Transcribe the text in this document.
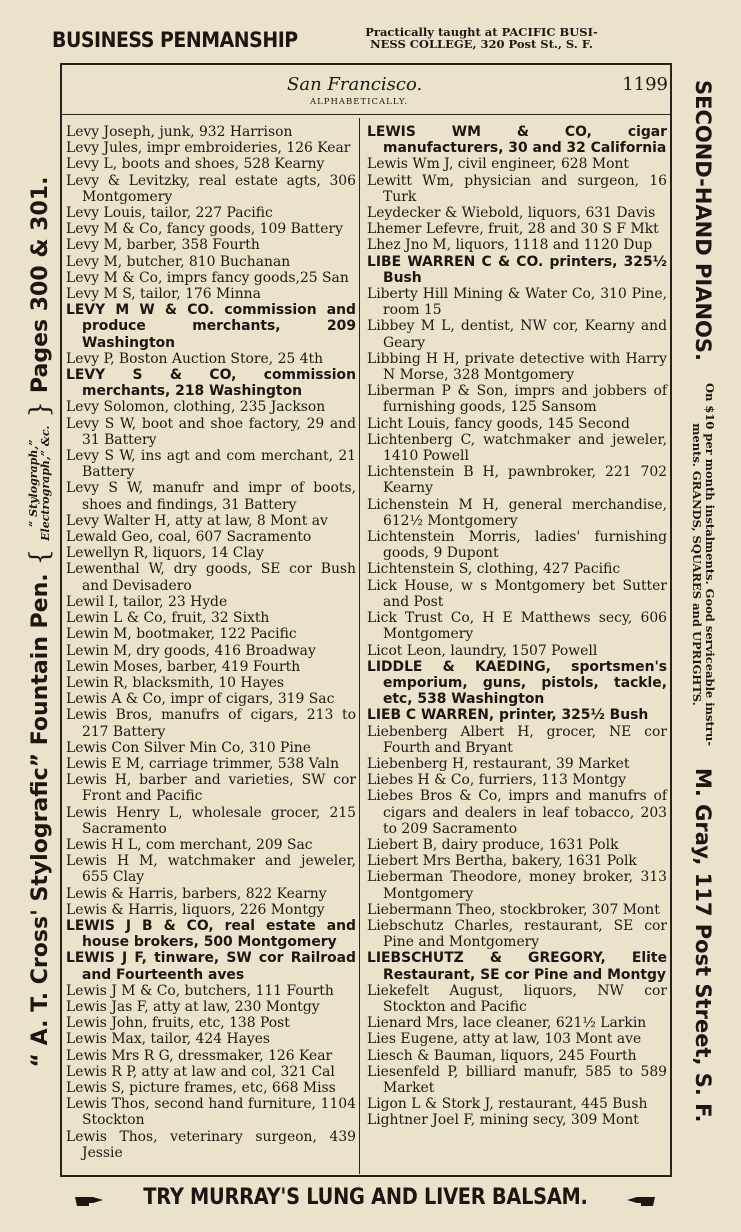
BUSINESS PENMANSHIP	Practically taught at PACIFIC BUSI-
NESS COLLEGE, 320 Post St., S. F.
“ A. T. Cross' Stylografic” Fountain Pen.
{
“ Stylograph,”
Electrograph,” &c.
}
Pages 300 & 301.	SECOND-HAND PIANOS.
On $10 per month instalments. Good serviceable instru-
ments. GRANDS, SQUARES and UPRIGHTS.
M. Gray, 117 Post Street, S. F.
San Francisco.	1199
ALPHABETICALLY.
Levy Joseph, junk, 932 Harrison
Levy Jules, impr embroideries, 126 Kear
Levy L, boots and shoes, 528 Kearny
Levy & Levitzky, real estate agts, 306 Montgomery
Levy Louis, tailor, 227 Pacific
Levy M & Co, fancy goods, 109 Battery
Levy M, barber, 358 Fourth
Levy M, butcher, 810 Buchanan
Levy M & Co, imprs fancy goods,25 San
Levy M S, tailor, 176 Minna
LEVY M W & CO. commission and produce merchants, 209 Washington
Levy P, Boston Auction Store, 25 4th
LEVY S & CO, commission merchants, 218 Washington
Levy Solomon, clothing, 235 Jackson
Levy S W, boot and shoe factory, 29 and 31 Battery
Levy S W, ins agt and com merchant, 21 Battery
Levy S W, manufr and impr of boots, shoes and findings, 31 Battery
Levy Walter H, atty at law, 8 Mont av
Lewald Geo, coal, 607 Sacramento
Lewellyn R, liquors, 14 Clay
Lewenthal W, dry goods, SE cor Bush and Devisadero
Lewil I, tailor, 23 Hyde
Lewin L & Co, fruit, 32 Sixth
Lewin M, bootmaker, 122 Pacific
Lewin M, dry goods, 416 Broadway
Lewin Moses, barber, 419 Fourth
Lewin R, blacksmith, 10 Hayes
Lewis A & Co, impr of cigars, 319 Sac
Lewis Bros, manufrs of cigars, 213 to 217 Battery
Lewis Con Silver Min Co, 310 Pine
Lewis E M, carriage trimmer, 538 Valn
Lewis H, barber and varieties, SW cor Front and Pacific
Lewis Henry L, wholesale grocer, 215 Sacramento
Lewis H L, com merchant, 209 Sac
Lewis H M, watchmaker and jeweler, 655 Clay
Lewis & Harris, barbers, 822 Kearny
Lewis & Harris, liquors, 226 Montgy
LEWIS J B & CO, real estate and house brokers, 500 Montgomery
LEWIS J F, tinware, SW cor Railroad and Fourteenth aves
Lewis J M & Co, butchers, 111 Fourth
Lewis Jas F, atty at law, 230 Montgy
Lewis John, fruits, etc, 138 Post
Lewis Max, tailor, 424 Hayes
Lewis Mrs R G, dressmaker, 126 Kear
Lewis R P, atty at law and col, 321 Cal
Lewis S, picture frames, etc, 668 Miss
Lewis Thos, second hand furniture, 1104 Stockton
Lewis Thos, veterinary surgeon, 439 Jessie
LEWIS WM & CO, cigar manufacturers, 30 and 32 California
Lewis Wm J, civil engineer, 628 Mont
Lewitt Wm, physician and surgeon, 16 Turk
Leydecker & Wiebold, liquors, 631 Davis
Lhemer Lefevre, fruit, 28 and 30 S F Mkt
Lhez Jno M, liquors, 1118 and 1120 Dup
LIBE WARREN C & CO. printers, 325½ Bush
Liberty Hill Mining & Water Co, 310 Pine, room 15
Libbey M L, dentist, NW cor, Kearny and Geary
Libbing H H, private detective with Harry N Morse, 328 Montgomery
Liberman P & Son, imprs and jobbers of furnishing goods, 125 Sansom
Licht Louis, fancy goods, 145 Second
Lichtenberg C, watchmaker and jeweler, 1410 Powell
Lichtenstein B H, pawnbroker, 221 702 Kearny
Lichenstein M H, general merchandise, 612½ Montgomery
Lichtenstein Morris, ladies' furnishing goods, 9 Dupont
Lichtenstein S, clothing, 427 Pacific
Lick House, w s Montgomery bet Sutter and Post
Lick Trust Co, H E Matthews secy, 606 Montgomery
Licot Leon, laundry, 1507 Powell
LIDDLE & KAEDING, sportsmen's emporium, guns, pistols, tackle, etc, 538 Washington
LIEB C WARREN, printer, 325½ Bush
Liebenberg Albert H, grocer, NE cor Fourth and Bryant
Liebenberg H, restaurant, 39 Market
Liebes H & Co, furriers, 113 Montgy
Liebes Bros & Co, imprs and manufrs of cigars and dealers in leaf tobacco, 203 to 209 Sacramento
Liebert B, dairy produce, 1631 Polk
Liebert Mrs Bertha, bakery, 1631 Polk
Lieberman Theodore, money broker, 313 Montgomery
Liebermann Theo, stockbroker, 307 Mont
Liebschutz Charles, restaurant, SE cor Pine and Montgomery
LIEBSCHUTZ & GREGORY, Elite Restaurant, SE cor Pine and Montgy
Liekefelt August, liquors, NW cor Stockton and Pacific
Lienard Mrs, lace cleaner, 621½ Larkin
Lies Eugene, atty at law, 103 Mont ave
Liesch & Bauman, liquors, 245 Fourth
Liesenfeld P, billiard manufr, 585 to 589 Market
Ligon L & Stork J, restaurant, 445 Bush
Lightner Joel F, mining secy, 309 Mont
TRY MURRAY'S LUNG AND LIVER BALSAM.
